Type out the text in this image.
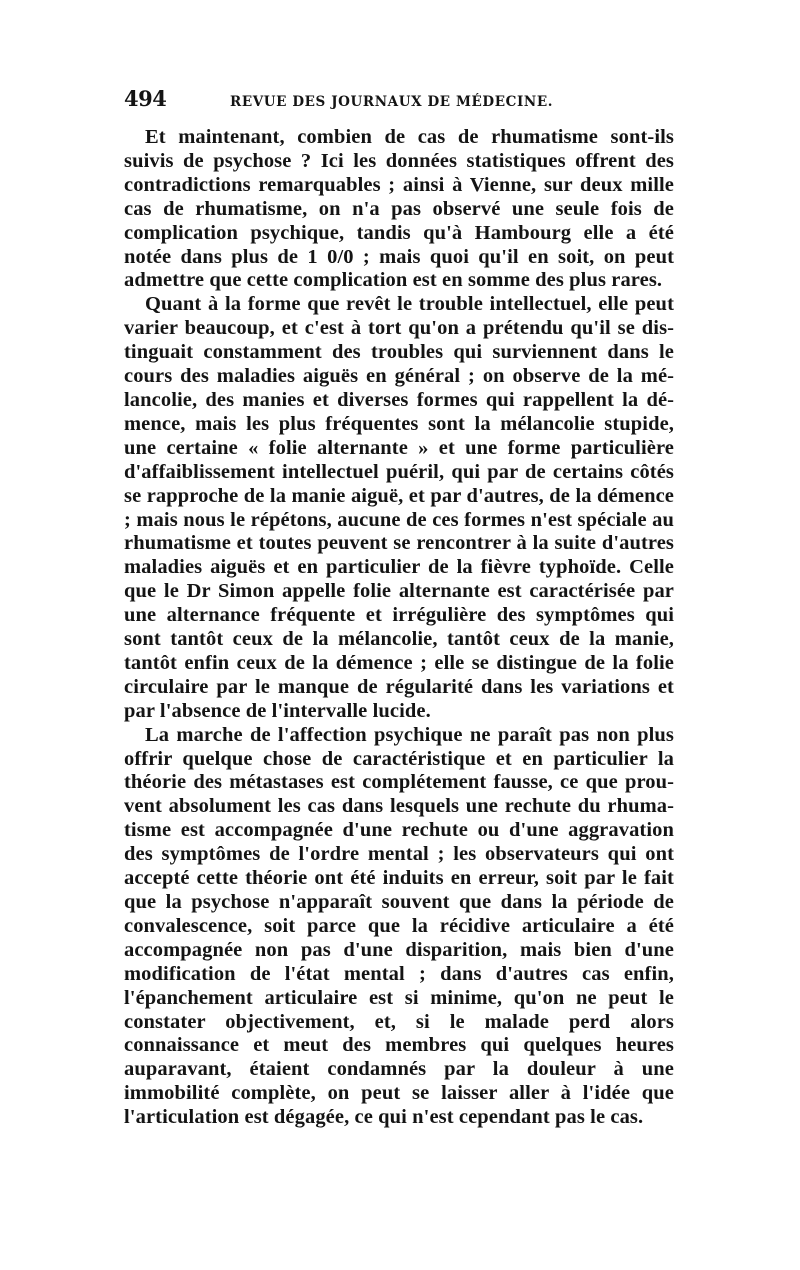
494	REVUE DES JOURNAUX DE MÉDECINE.

Et maintenant, combien de cas de rhumatisme sont-ils suivis de psychose ? Ici les données statistiques offrent des contradictions remarquables ; ainsi à Vienne, sur deux mille cas de rhumatisme, on n'a pas observé une seule fois de complication psychique, tandis qu'à Hambourg elle a été notée dans plus de 1 0/0 ; mais quoi qu'il en soit, on peut admettre que cette complication est en somme des plus rares.

Quant à la forme que revêt le trouble intellectuel, elle peut varier beaucoup, et c'est à tort qu'on a prétendu qu'il se distinguait constamment des troubles qui surviennent dans le cours des maladies aiguës en général ; on observe de la mélancolie, des manies et diverses formes qui rappellent la démence, mais les plus fréquentes sont la mélancolie stupide, une certaine « folie alternante » et une forme particulière d'affaiblissement intellectuel puéril, qui par de certains côtés se rapproche de la manie aiguë, et par d'autres, de la démence ; mais nous le répétons, aucune de ces formes n'est spéciale au rhumatisme et toutes peuvent se rencontrer à la suite d'autres maladies aiguës et en particulier de la fièvre typhoïde. Celle que le Dr Simon appelle folie alternante est caractérisée par une alternance fréquente et irrégulière des symptômes qui sont tantôt ceux de la mélancolie, tantôt ceux de la manie, tantôt enfin ceux de la démence ; elle se distingue de la folie circulaire par le manque de régularité dans les variations et par l'absence de l'intervalle lucide.

La marche de l'affection psychique ne paraît pas non plus offrir quelque chose de caractéristique et en particulier la théorie des métastases est complétement fausse, ce que prouvent absolument les cas dans lesquels une rechute du rhumatisme est accompagnée d'une rechute ou d'une aggravation des symptômes de l'ordre mental ; les observateurs qui ont accepté cette théorie ont été induits en erreur, soit par le fait que la psychose n'apparaît souvent que dans la période de convalescence, soit parce que la récidive articulaire a été accompagnée non pas d'une disparition, mais bien d'une modification de l'état mental ; dans d'autres cas enfin, l'épanchement articulaire est si minime, qu'on ne peut le constater objectivement, et, si le malade perd alors connaissance et meut des membres qui quelques heures auparavant, étaient condamnés par la douleur à une immobilité complète, on peut se laisser aller à l'idée que l'articulation est dégagée, ce qui n'est cependant pas le cas.
